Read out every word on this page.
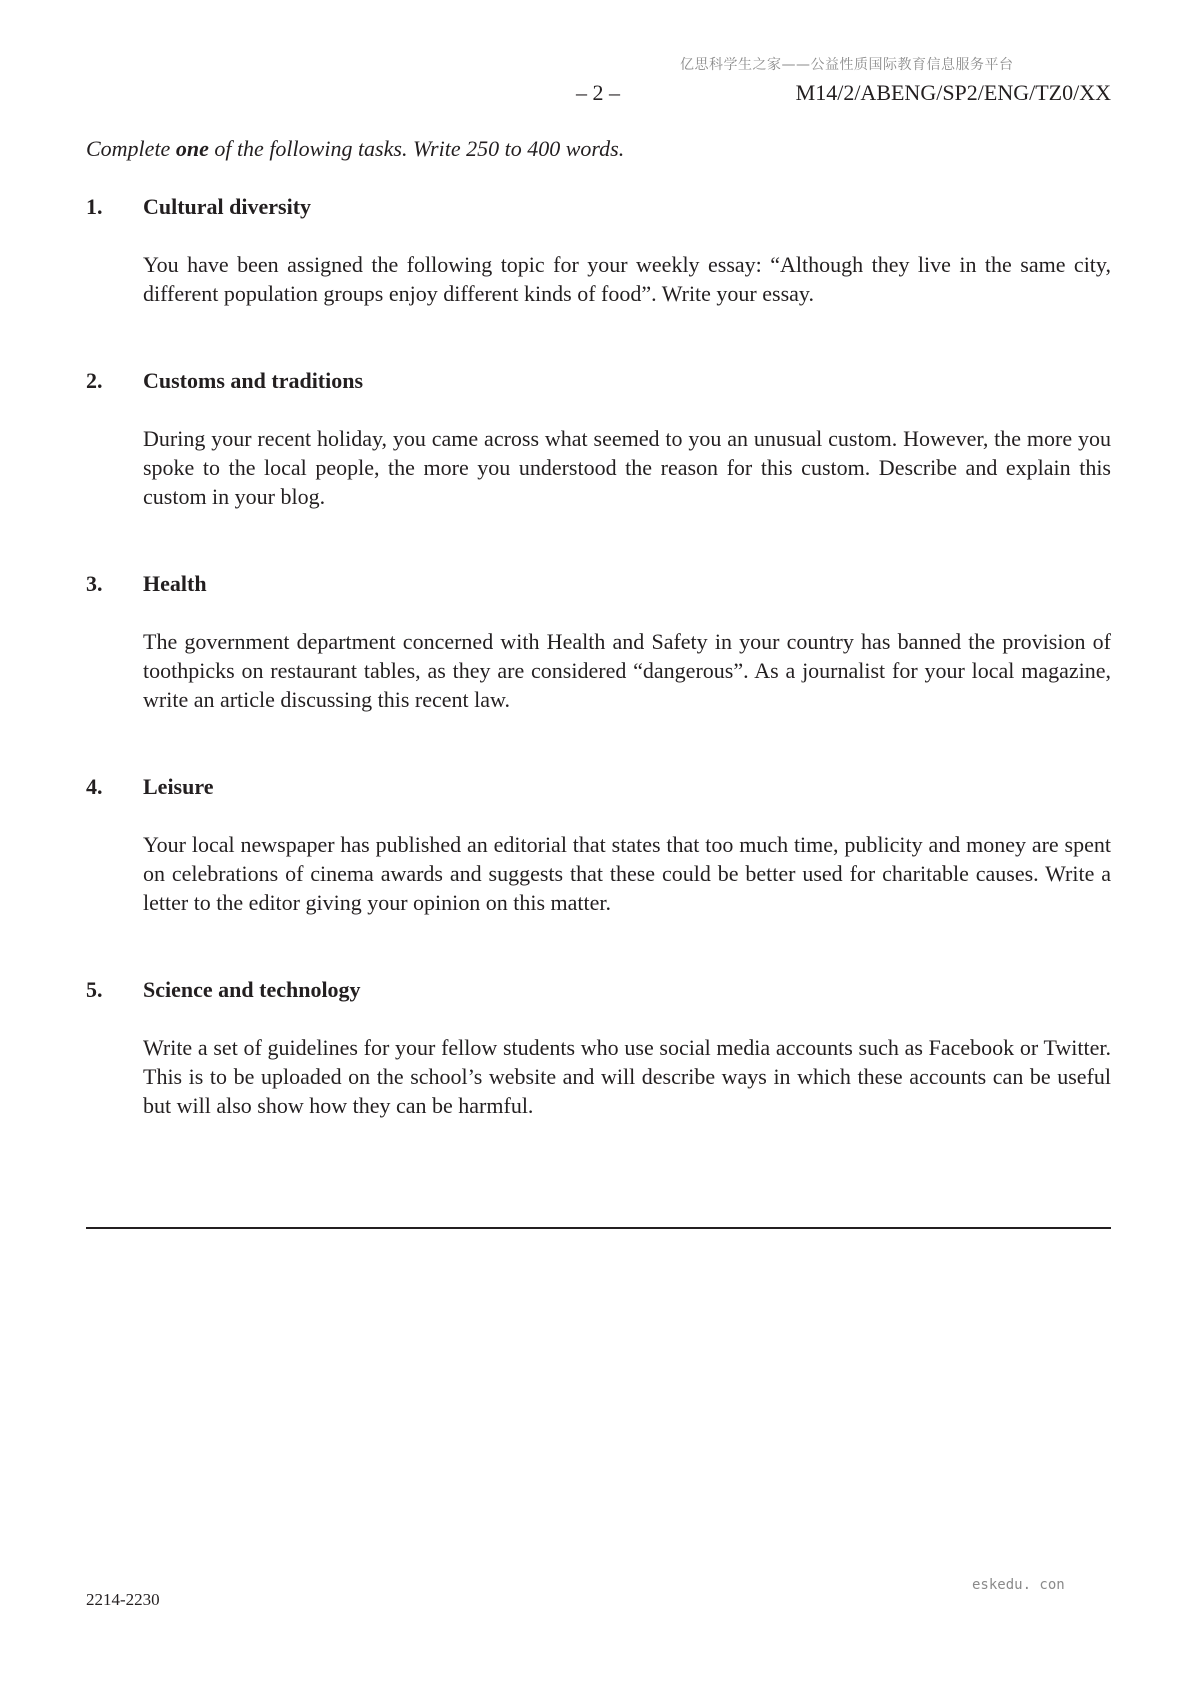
亿思科学生之家——公益性质国际教育信息服务平台
– 2 –	M14/2/ABENG/SP2/ENG/TZ0/XX
Complete one of the following tasks. Write 250 to 400 words.
1.	Cultural diversity
You have been assigned the following topic for your weekly essay: “Although they live in the same city, different population groups enjoy different kinds of food”. Write your essay.
2.	Customs and traditions
During your recent holiday, you came across what seemed to you an unusual custom. However, the more you spoke to the local people, the more you understood the reason for this custom. Describe and explain this custom in your blog.
3.	Health
The government department concerned with Health and Safety in your country has banned the provision of toothpicks on restaurant tables, as they are considered “dangerous”. As a journalist for your local magazine, write an article discussing this recent law.
4.	Leisure
Your local newspaper has published an editorial that states that too much time, publicity and money are spent on celebrations of cinema awards and suggests that these could be better used for charitable causes. Write a letter to the editor giving your opinion on this matter.
5.	Science and technology
Write a set of guidelines for your fellow students who use social media accounts such as Facebook or Twitter. This is to be uploaded on the school’s website and will describe ways in which these accounts can be useful but will also show how they can be harmful.
2214-2230
eskedu. con
